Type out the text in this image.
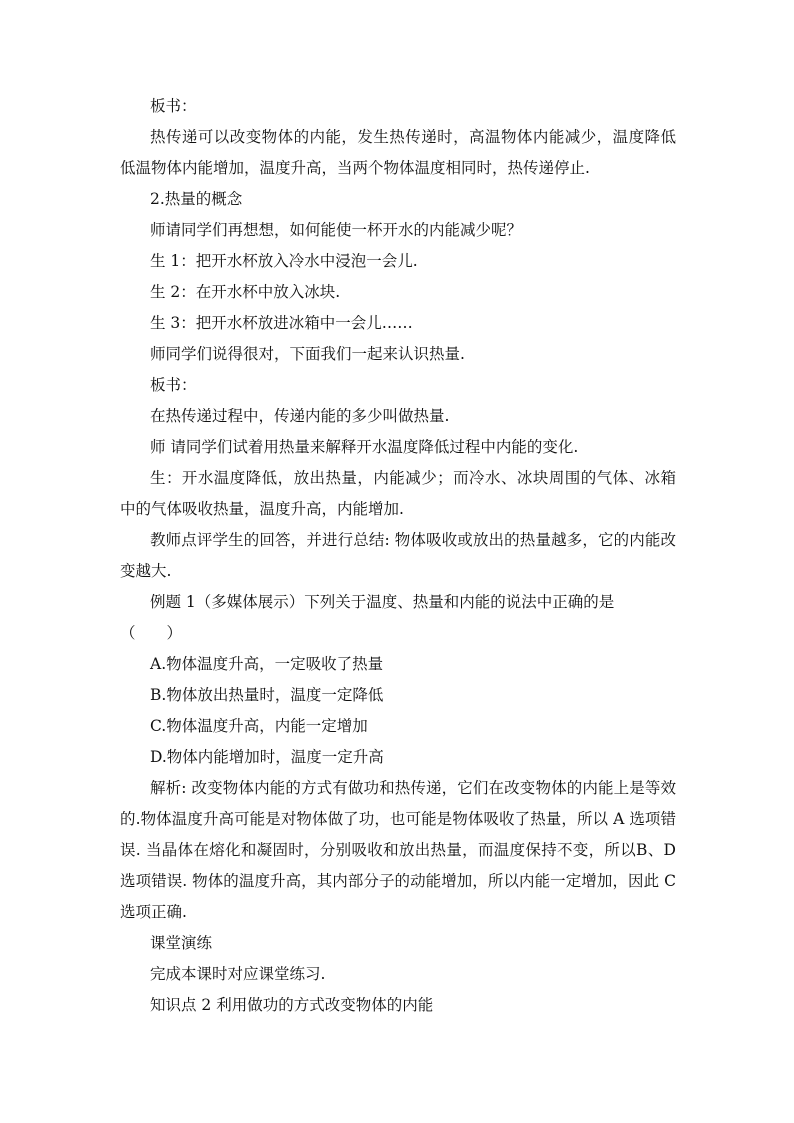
板书：

热传递可以改变物体的内能，发生热传递时，高温物体内能减少，温度降低低温物体内能增加，温度升高，当两个物体温度相同时，热传递停止.

2.热量的概念

师请同学们再想想，如何能使一杯开水的内能减少呢？

生 1：把开水杯放入冷水中浸泡一会儿.

生 2：在开水杯中放入冰块.

生 3：把开水杯放进冰箱中一会儿……

师同学们说得很对，下面我们一起来认识热量.

板书：

在热传递过程中，传递内能的多少叫做热量.

师 请同学们试着用热量来解释开水温度降低过程中内能的变化.

生：开水温度降低，放出热量，内能减少；而冷水、冰块周围的气体、冰箱中的气体吸收热量，温度升高，内能增加.

教师点评学生的回答，并进行总结: 物体吸收或放出的热量越多，它的内能改变越大.

例题 1（多媒体展示）下列关于温度、热量和内能的说法中正确的是

（　　）

A.物体温度升高，一定吸收了热量

B.物体放出热量时，温度一定降低

C.物体温度升高，内能一定增加

D.物体内能增加时，温度一定升高

解析: 改变物体内能的方式有做功和热传递，它们在改变物体的内能上是等效的.物体温度升高可能是对物体做了功，也可能是物体吸收了热量，所以 A 选项错误. 当晶体在熔化和凝固时，分别吸收和放出热量，而温度保持不变，所以B、D 选项错误. 物体的温度升高，其内部分子的动能增加，所以内能一定增加，因此 C 选项正确.

课堂演练

完成本课时对应课堂练习.

知识点 2 利用做功的方式改变物体的内能
